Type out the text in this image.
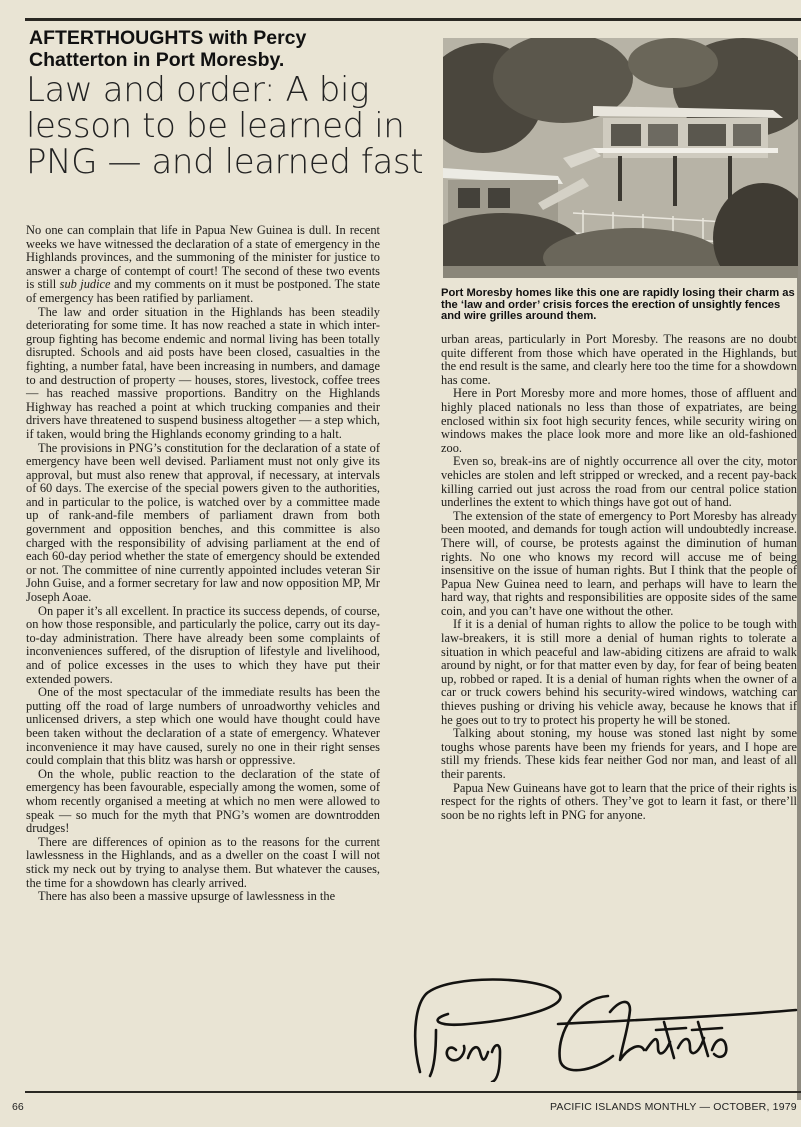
AFTERTHOUGHTS with Percy Chatterton in Port Moresby.
Law and order: A big lesson to be learned in PNG — and learned fast

No one can complain that life in Papua New Guinea is dull. In recent weeks we have witnessed the declaration of a state of emergency in the Highlands provinces, and the summoning of the minister for justice to answer a charge of contempt of court! The second of these two events is still sub judice and my comments on it must be postponed. The state of emergency has been ratified by parliament.

The law and order situation in the Highlands has been steadily deteriorating for some time. It has now reached a state in which inter-group fighting has become endemic and normal living has been totally disrupted. Schools and aid posts have been closed, casualties in the fighting, a number fatal, have been increasing in numbers, and damage to and destruction of property — houses, stores, livestock, coffee trees — has reached massive proportions. Banditry on the Highlands Highway has reached a point at which trucking companies and their drivers have threatened to suspend business altogether — a step which, if taken, would bring the Highlands economy grinding to a halt.

The provisions in PNG’s constitution for the declaration of a state of emergency have been well devised. Parliament must not only give its approval, but must also renew that approval, if necessary, at intervals of 60 days. The exercise of the special powers given to the authorities, and in particular to the police, is watched over by a committee made up of rank-and-file members of parliament drawn from both government and opposition benches, and this committee is also charged with the responsibility of advising parliament at the end of each 60-day period whether the state of emergency should be extended or not. The committee of nine currently appointed includes veteran Sir John Guise, and a former secretary for law and now opposition MP, Mr Joseph Aoae.

On paper it’s all excellent. In practice its success depends, of course, on how those responsible, and particularly the police, carry out its day-to-day administration. There have already been some complaints of inconveniences suffered, of the disruption of lifestyle and livelihood, and of police excesses in the uses to which they have put their extended powers.

One of the most spectacular of the immediate results has been the putting off the road of large numbers of unroadworthy vehicles and unlicensed drivers, a step which one would have thought could have been taken without the declaration of a state of emergency. Whatever inconvenience it may have caused, surely no one in their right senses could complain that this blitz was harsh or oppressive.

On the whole, public reaction to the declaration of the state of emergency has been favourable, especially among the women, some of whom recently organised a meeting at which no men were allowed to speak — so much for the myth that PNG’s women are downtrodden drudges!

There are differences of opinion as to the reasons for the current lawlessness in the Highlands, and as a dweller on the coast I will not stick my neck out by trying to analyse them. But whatever the causes, the time for a showdown has clearly arrived.

There has also been a massive upsurge of lawlessness in the

Port Moresby homes like this one are rapidly losing their charm as the ‘law and order’ crisis forces the erection of unsightly fences and wire grilles around them.

urban areas, particularly in Port Moresby. The reasons are no doubt quite different from those which have operated in the Highlands, but the end result is the same, and clearly here too the time for a showdown has come.

Here in Port Moresby more and more homes, those of affluent and highly placed nationals no less than those of expatriates, are being enclosed within six foot high security fences, while security wiring on windows makes the place look more and more like an old-fashioned zoo.

Even so, break-ins are of nightly occurrence all over the city, motor vehicles are stolen and left stripped or wrecked, and a recent pay-back killing carried out just across the road from our central police station underlines the extent to which things have got out of hand.

The extension of the state of emergency to Port Moresby has already been mooted, and demands for tough action will undoubtedly increase. There will, of course, be protests against the diminution of human rights. No one who knows my record will accuse me of being insensitive on the issue of human rights. But I think that the people of Papua New Guinea need to learn, and perhaps will have to learn the hard way, that rights and responsibilities are opposite sides of the same coin, and you can’t have one without the other.

If it is a denial of human rights to allow the police to be tough with law-breakers, it is still more a denial of human rights to tolerate a situation in which peaceful and law-abiding citizens are afraid to walk around by night, or for that matter even by day, for fear of being beaten up, robbed or raped. It is a denial of human rights when the owner of a car or truck cowers behind his security-wired windows, watching car thieves pushing or driving his vehicle away, because he knows that if he goes out to try to protect his property he will be stoned.

Talking about stoning, my house was stoned last night by some toughs whose parents have been my friends for years, and I hope are still my friends. These kids fear neither God nor man, and least of all their parents.

Papua New Guineans have got to learn that the price of their rights is respect for the rights of others. They’ve got to learn it fast, or there’ll soon be no rights left in PNG for anyone.

66	PACIFIC ISLANDS MONTHLY — OCTOBER, 1979
